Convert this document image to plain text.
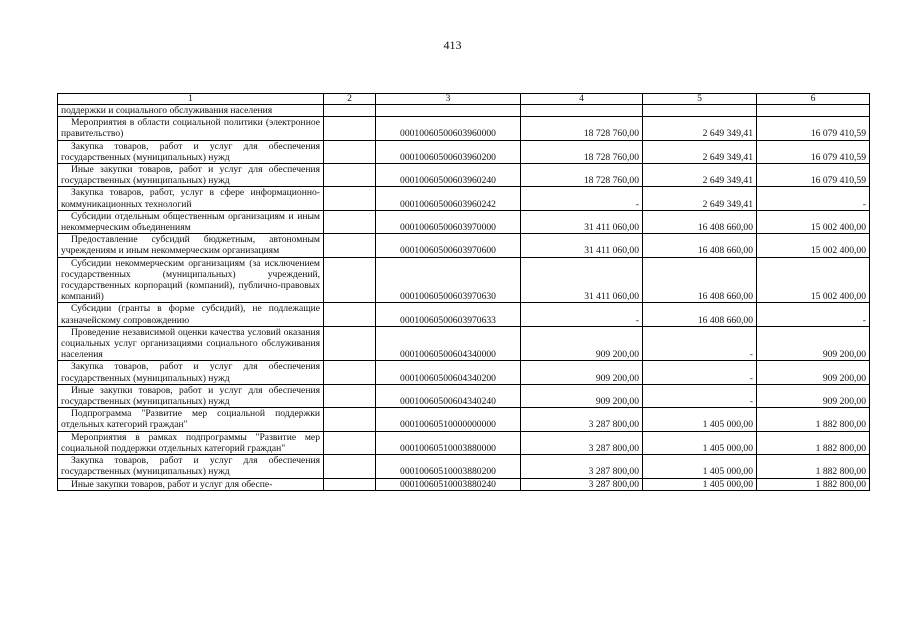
413
1	2	3	4	5	6
поддержки и социального обслуживания населения					

Мероприятия в области социальной политики (электронное правительство)		00010060500603960000	18 728 760,00	2 649 349,41	16 079 410,59

Закупка товаров, работ и услуг для обеспечения государственных (муниципальных) нужд		00010060500603960200	18 728 760,00	2 649 349,41	16 079 410,59

Иные закупки товаров, работ и услуг для обеспечения государственных (муниципальных) нужд		00010060500603960240	18 728 760,00	2 649 349,41	16 079 410,59

Закупка товаров, работ, услуг в сфере информационно-коммуникационных технологий		00010060500603960242	-	2 649 349,41	-

Субсидии отдельным общественным организациям и иным некоммерческим объединениям		00010060500603970000	31 411 060,00	16 408 660,00	15 002 400,00

Предоставление субсидий бюджетным, автономным учреждениям и иным некоммерческим организациям		00010060500603970600	31 411 060,00	16 408 660,00	15 002 400,00

Субсидии некоммерческим организациям (за исключением государственных (муниципальных) учреждений, государственных корпораций (компаний), публично-правовых компаний)		00010060500603970630	31 411 060,00	16 408 660,00	15 002 400,00

Субсидии (гранты в форме субсидий), не подлежащие казначейскому сопровождению		00010060500603970633	-	16 408 660,00	-

Проведение независимой оценки качества условий оказания социальных услуг организациями социального обслуживания населения		00010060500604340000	909 200,00	-	909 200,00

Закупка товаров, работ и услуг для обеспечения государственных (муниципальных) нужд		00010060500604340200	909 200,00	-	909 200,00

Иные закупки товаров, работ и услуг для обеспечения государственных (муниципальных) нужд		00010060500604340240	909 200,00	-	909 200,00

Подпрограмма "Развитие мер социальной поддержки отдельных категорий граждан"		00010060510000000000	3 287 800,00	1 405 000,00	1 882 800,00

Мероприятия в рамках подпрограммы "Развитие мер социальной поддержки отдельных категорий граждан"		00010060510003880000	3 287 800,00	1 405 000,00	1 882 800,00

Закупка товаров, работ и услуг для обеспечения государственных (муниципальных) нужд		00010060510003880200	3 287 800,00	1 405 000,00	1 882 800,00

Иные закупки товаров, работ и услуг для обеспе-		00010060510003880240	3 287 800,00	1 405 000,00	1 882 800,00
